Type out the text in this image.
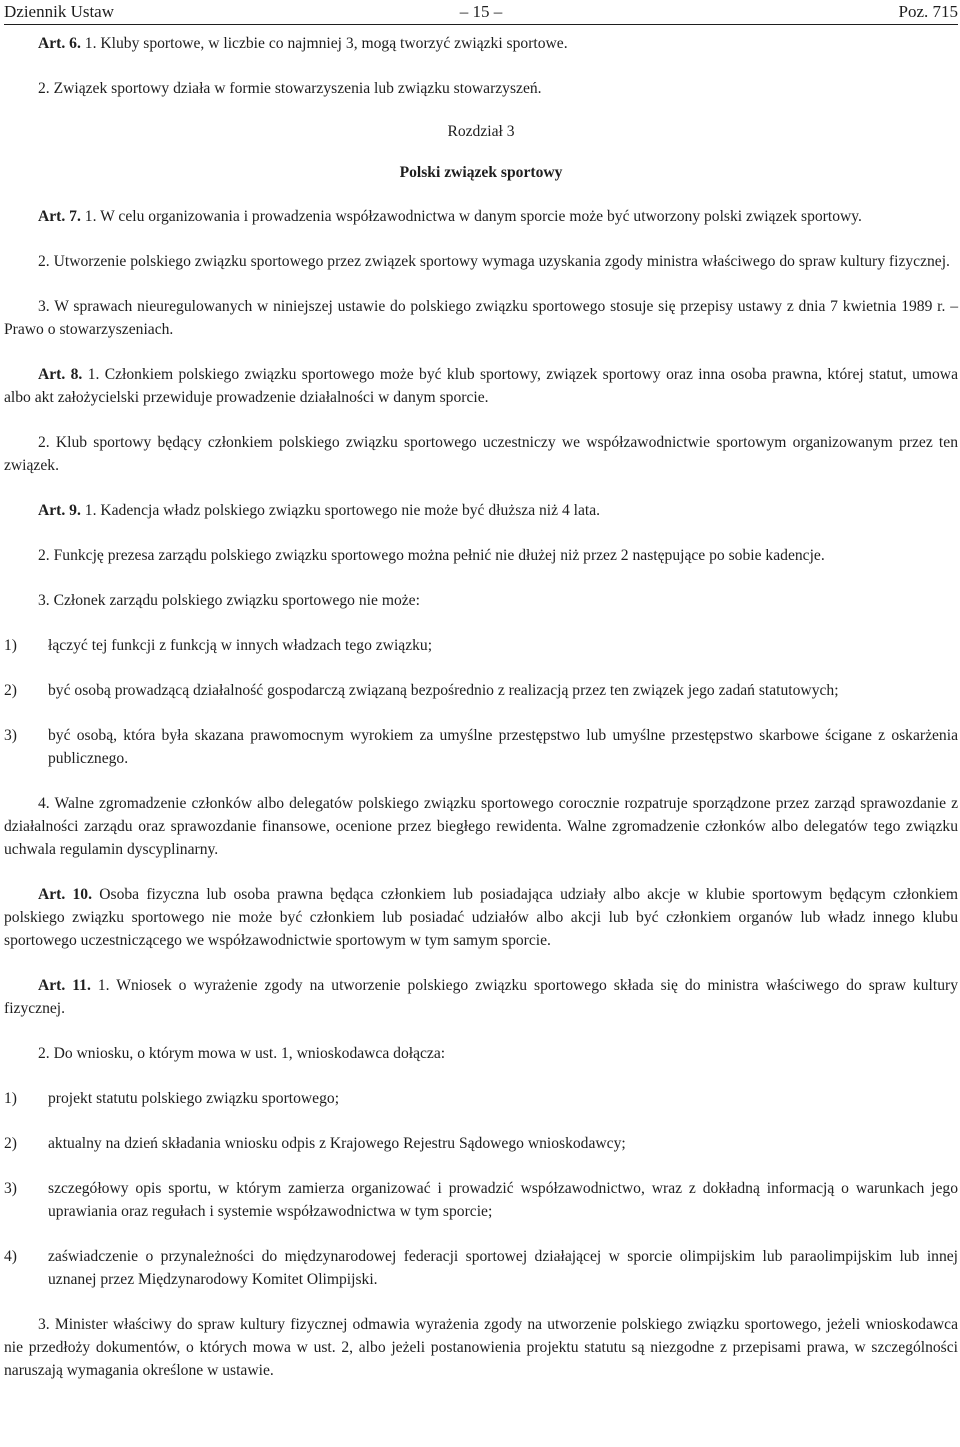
Dziennik Ustaw	– 15 –	Poz. 715

Art. 6. 1. Kluby sportowe, w liczbie co najmniej 3, mogą tworzyć związki sportowe.

2. Związek sportowy działa w formie stowarzyszenia lub związku stowarzyszeń.

Rozdział 3

Polski związek sportowy

Art. 7. 1. W celu organizowania i prowadzenia współzawodnictwa w danym sporcie może być utworzony polski związek sportowy.

2. Utworzenie polskiego związku sportowego przez związek sportowy wymaga uzyskania zgody ministra właściwego do spraw kultury fizycznej.

3. W sprawach nieuregulowanych w niniejszej ustawie do polskiego związku sportowego stosuje się przepisy ustawy z dnia 7 kwietnia 1989 r. – Prawo o stowarzyszeniach.

Art. 8. 1. Członkiem polskiego związku sportowego może być klub sportowy, związek sportowy oraz inna osoba prawna, której statut, umowa albo akt założycielski przewiduje prowadzenie działalności w danym sporcie.

2. Klub sportowy będący członkiem polskiego związku sportowego uczestniczy we współzawodnictwie sportowym organizowanym przez ten związek.

Art. 9. 1. Kadencja władz polskiego związku sportowego nie może być dłuższa niż 4 lata.

2. Funkcję prezesa zarządu polskiego związku sportowego można pełnić nie dłużej niż przez 2 następujące po sobie kadencje.

3. Członek zarządu polskiego związku sportowego nie może:

1) łączyć tej funkcji z funkcją w innych władzach tego związku;
2) być osobą prowadzącą działalność gospodarczą związaną bezpośrednio z realizacją przez ten związek jego zadań statutowych;
3) być osobą, która była skazana prawomocnym wyrokiem za umyślne przestępstwo lub umyślne przestępstwo skarbowe ścigane z oskarżenia publicznego.

4. Walne zgromadzenie członków albo delegatów polskiego związku sportowego corocznie rozpatruje sporządzone przez zarząd sprawozdanie z działalności zarządu oraz sprawozdanie finansowe, ocenione przez biegłego rewidenta. Walne zgromadzenie członków albo delegatów tego związku uchwala regulamin dyscyplinarny.

Art. 10. Osoba fizyczna lub osoba prawna będąca członkiem lub posiadająca udziały albo akcje w klubie sportowym będącym członkiem polskiego związku sportowego nie może być członkiem lub posiadać udziałów albo akcji lub być członkiem organów lub władz innego klubu sportowego uczestniczącego we współzawodnictwie sportowym w tym samym sporcie.

Art. 11. 1. Wniosek o wyrażenie zgody na utworzenie polskiego związku sportowego składa się do ministra właściwego do spraw kultury fizycznej.

2. Do wniosku, o którym mowa w ust. 1, wnioskodawca dołącza:

1) projekt statutu polskiego związku sportowego;
2) aktualny na dzień składania wniosku odpis z Krajowego Rejestru Sądowego wnioskodawcy;
3) szczegółowy opis sportu, w którym zamierza organizować i prowadzić współzawodnictwo, wraz z dokładną informacją o warunkach jego uprawiania oraz regułach i systemie współzawodnictwa w tym sporcie;
4) zaświadczenie o przynależności do międzynarodowej federacji sportowej działającej w sporcie olimpijskim lub paraolimpijskim lub innej uznanej przez Międzynarodowy Komitet Olimpijski.

3. Minister właściwy do spraw kultury fizycznej odmawia wyrażenia zgody na utworzenie polskiego związku sportowego, jeżeli wnioskodawca nie przedłoży dokumentów, o których mowa w ust. 2, albo jeżeli postanowienia projektu statutu są niezgodne z przepisami prawa, w szczególności naruszają wymagania określone w ustawie.
